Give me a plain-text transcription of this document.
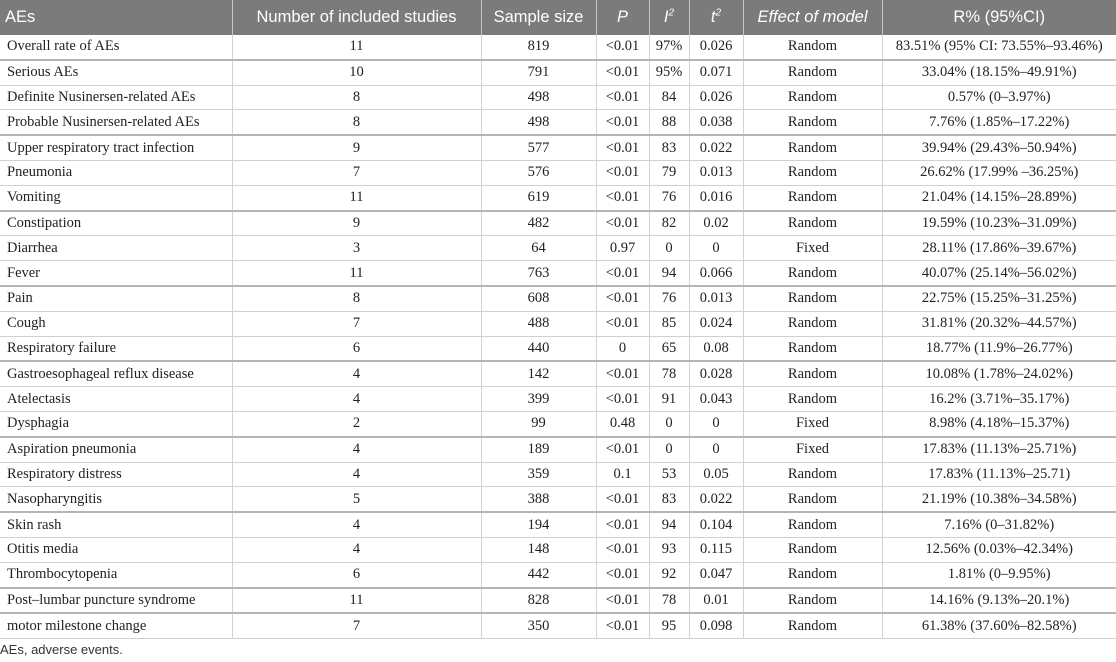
AEs	Number of included studies	Sample size	P	$I^2$	$t^2$	Effect of model	R% (95%CI)
Overall rate of AEs	11	819	<0.01	97%	0.026	Random	83.51% (95% CI: 73.55%–93.46%)
Serious AEs	10	791	<0.01	95%	0.071	Random	33.04% (18.15%–49.91%)
Definite Nusinersen-related AEs	8	498	<0.01	84	0.026	Random	0.57% (0–3.97%)
Probable Nusinersen-related AEs	8	498	<0.01	88	0.038	Random	7.76% (1.85%–17.22%)
Upper respiratory tract infection	9	577	<0.01	83	0.022	Random	39.94% (29.43%–50.94%)
Pneumonia	7	576	<0.01	79	0.013	Random	26.62% (17.99% –36.25%)
Vomiting	11	619	<0.01	76	0.016	Random	21.04% (14.15%–28.89%)
Constipation	9	482	<0.01	82	0.02	Random	19.59% (10.23%–31.09%)
Diarrhea	3	64	0.97	0	0	Fixed	28.11% (17.86%–39.67%)
Fever	11	763	<0.01	94	0.066	Random	40.07% (25.14%–56.02%)
Pain	8	608	<0.01	76	0.013	Random	22.75% (15.25%–31.25%)
Cough	7	488	<0.01	85	0.024	Random	31.81% (20.32%–44.57%)
Respiratory failure	6	440	0	65	0.08	Random	18.77% (11.9%–26.77%)
Gastroesophageal reflux disease	4	142	<0.01	78	0.028	Random	10.08% (1.78%–24.02%)
Atelectasis	4	399	<0.01	91	0.043	Random	16.2% (3.71%–35.17%)
Dysphagia	2	99	0.48	0	0	Fixed	8.98% (4.18%–15.37%)
Aspiration pneumonia	4	189	<0.01	0	0	Fixed	17.83% (11.13%–25.71%)
Respiratory distress	4	359	0.1	53	0.05	Random	17.83% (11.13%–25.71)
Nasopharyngitis	5	388	<0.01	83	0.022	Random	21.19% (10.38%–34.58%)
Skin rash	4	194	<0.01	94	0.104	Random	7.16% (0–31.82%)
Otitis media	4	148	<0.01	93	0.115	Random	12.56% (0.03%–42.34%)
Thrombocytopenia	6	442	<0.01	92	0.047	Random	1.81% (0–9.95%)
Post–lumbar puncture syndrome	11	828	<0.01	78	0.01	Random	14.16% (9.13%–20.1%)
motor milestone change	7	350	<0.01	95	0.098	Random	61.38% (37.60%–82.58%)
AEs, adverse events.
